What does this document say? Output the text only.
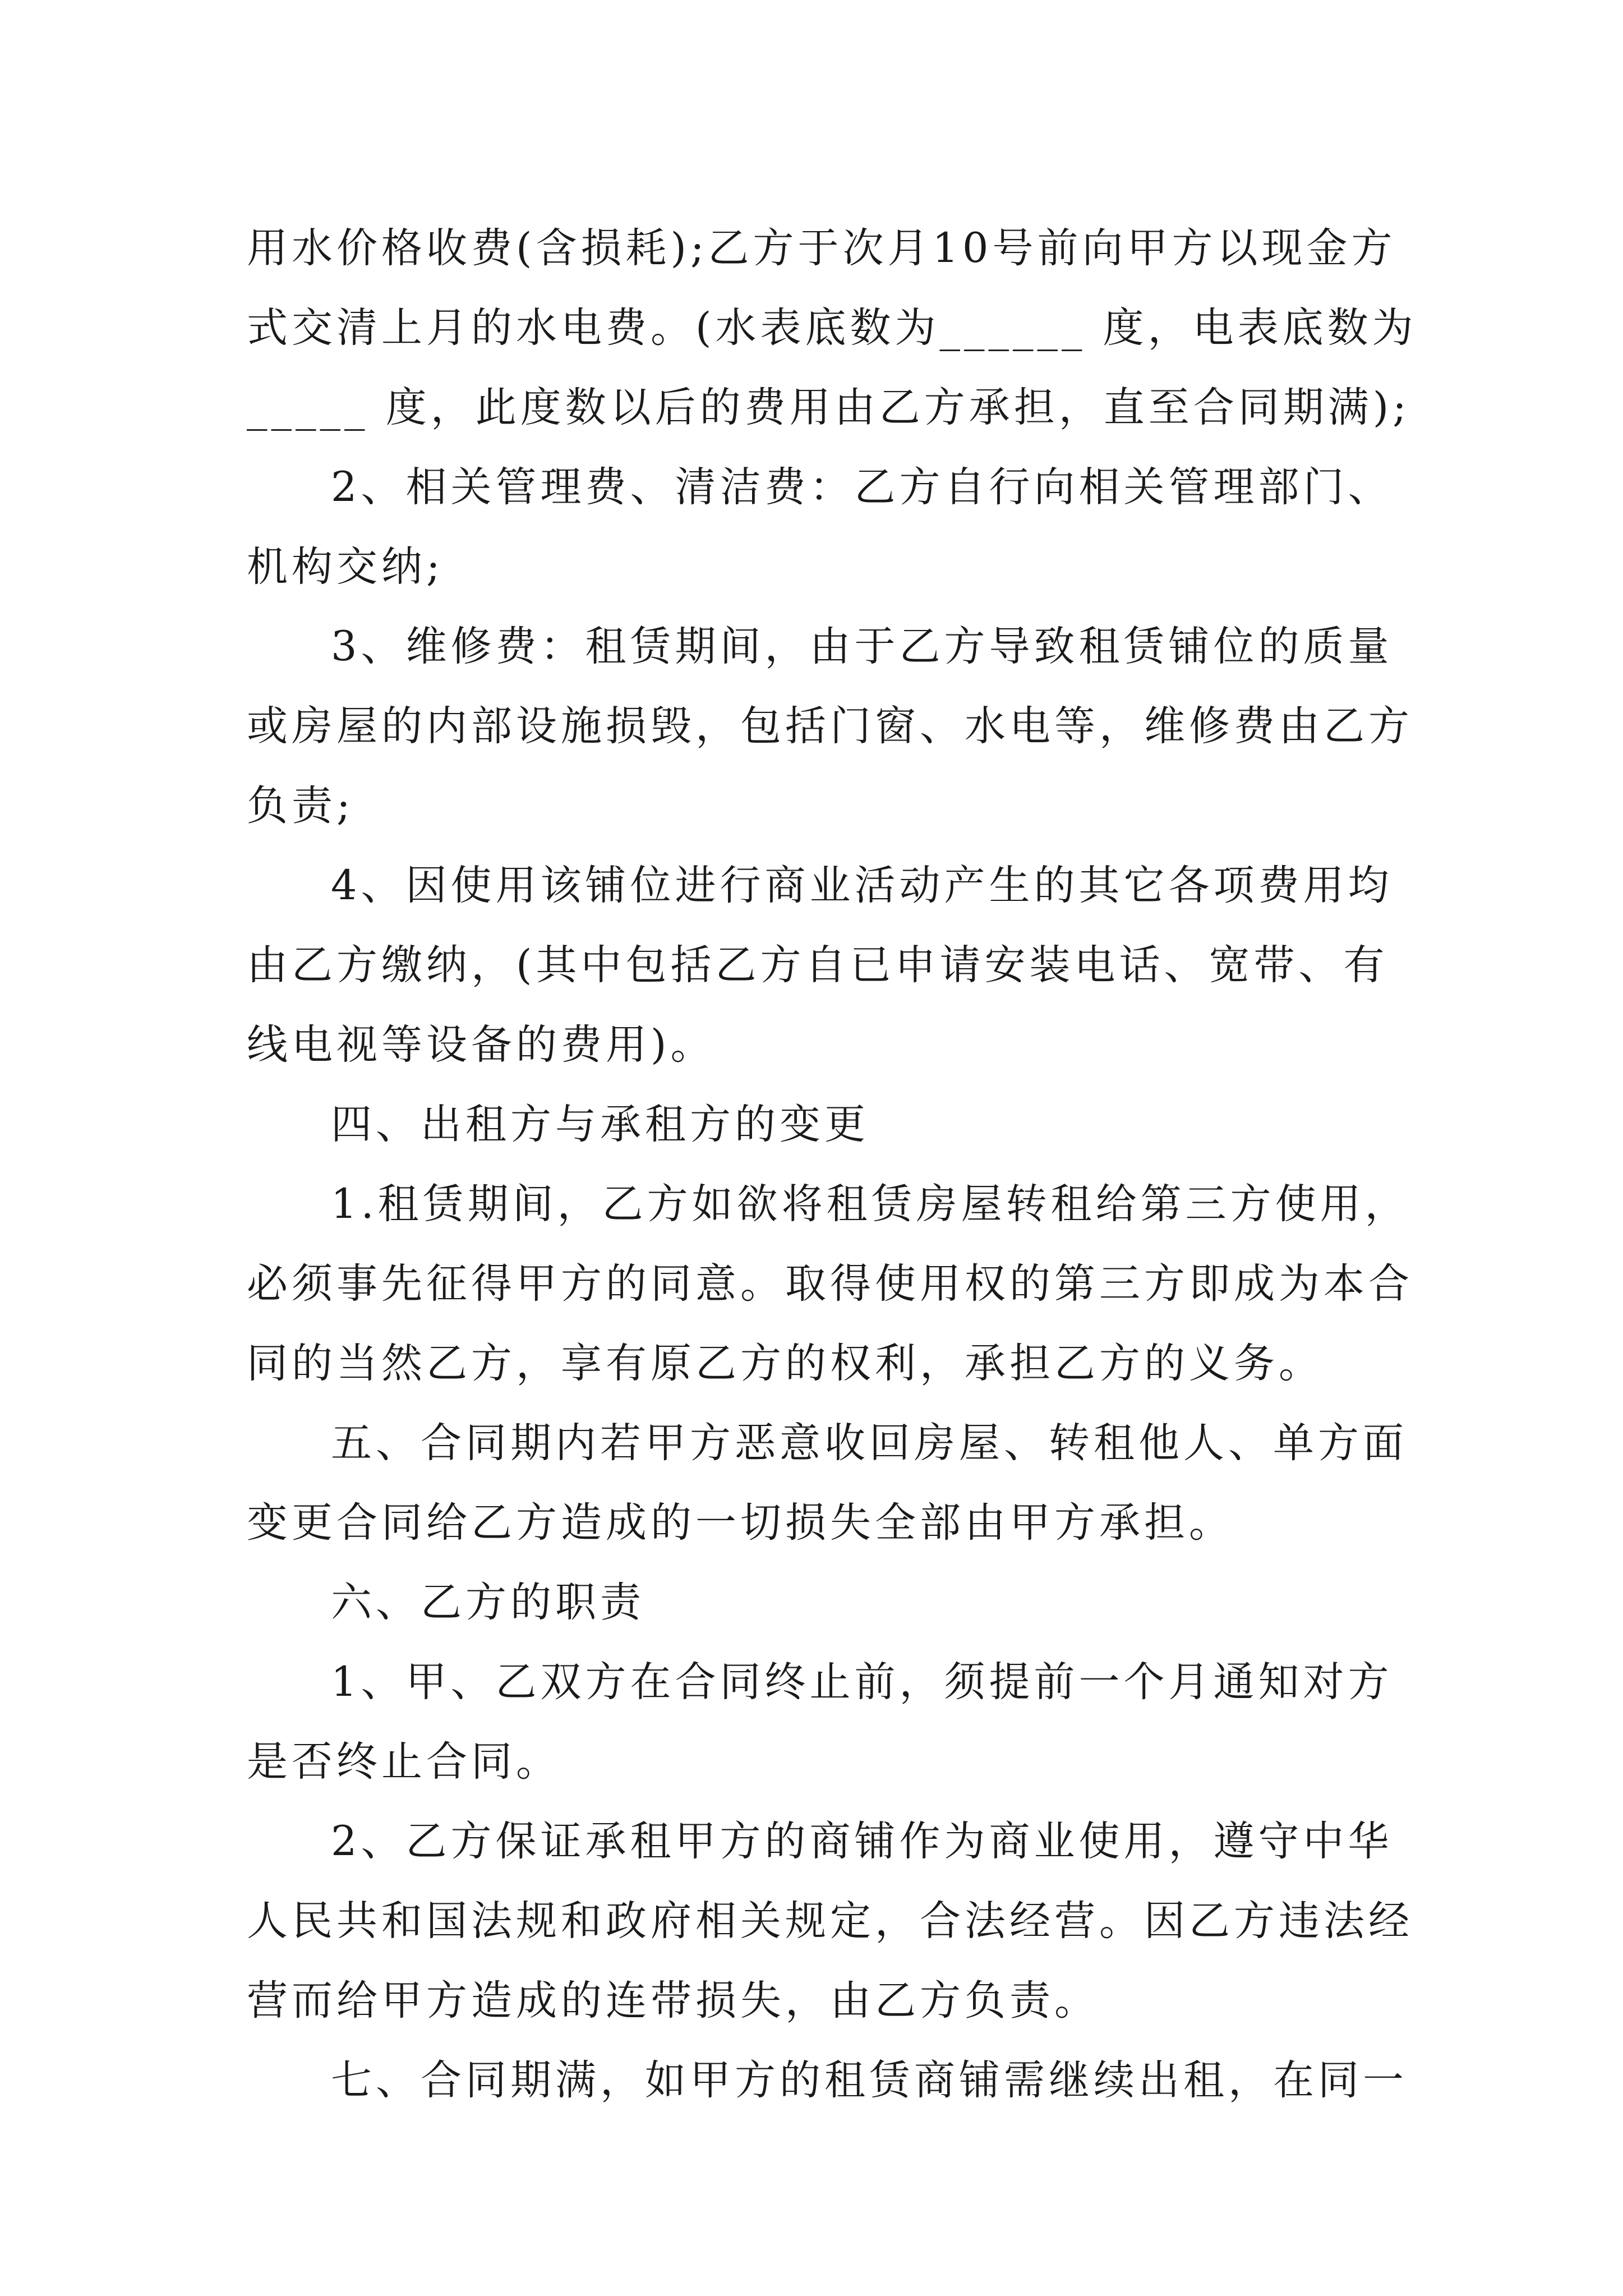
用水价格收费(含损耗);乙方于次月10号前向甲方以现金方

式交清上月的水电费。(水表底数为______ 度，电表底数为

_____ 度，此度数以后的费用由乙方承担，直至合同期满);

2、相关管理费、清洁费：乙方自行向相关管理部门、

机构交纳;

3、维修费：租赁期间，由于乙方导致租赁铺位的质量

或房屋的内部设施损毁，包括门窗、水电等，维修费由乙方

负责;

4、因使用该铺位进行商业活动产生的其它各项费用均

由乙方缴纳，(其中包括乙方自已申请安装电话、宽带、有

线电视等设备的费用)。

四、出租方与承租方的变更

1.租赁期间，乙方如欲将租赁房屋转租给第三方使用，

必须事先征得甲方的同意。取得使用权的第三方即成为本合

同的当然乙方，享有原乙方的权利，承担乙方的义务。

五、合同期内若甲方恶意收回房屋、转租他人、单方面

变更合同给乙方造成的一切损失全部由甲方承担。

六、乙方的职责

1、甲、乙双方在合同终止前，须提前一个月通知对方

是否终止合同。

2、乙方保证承租甲方的商铺作为商业使用，遵守中华

人民共和国法规和政府相关规定，合法经营。因乙方违法经

营而给甲方造成的连带损失，由乙方负责。

七、合同期满，如甲方的租赁商铺需继续出租，在同一
